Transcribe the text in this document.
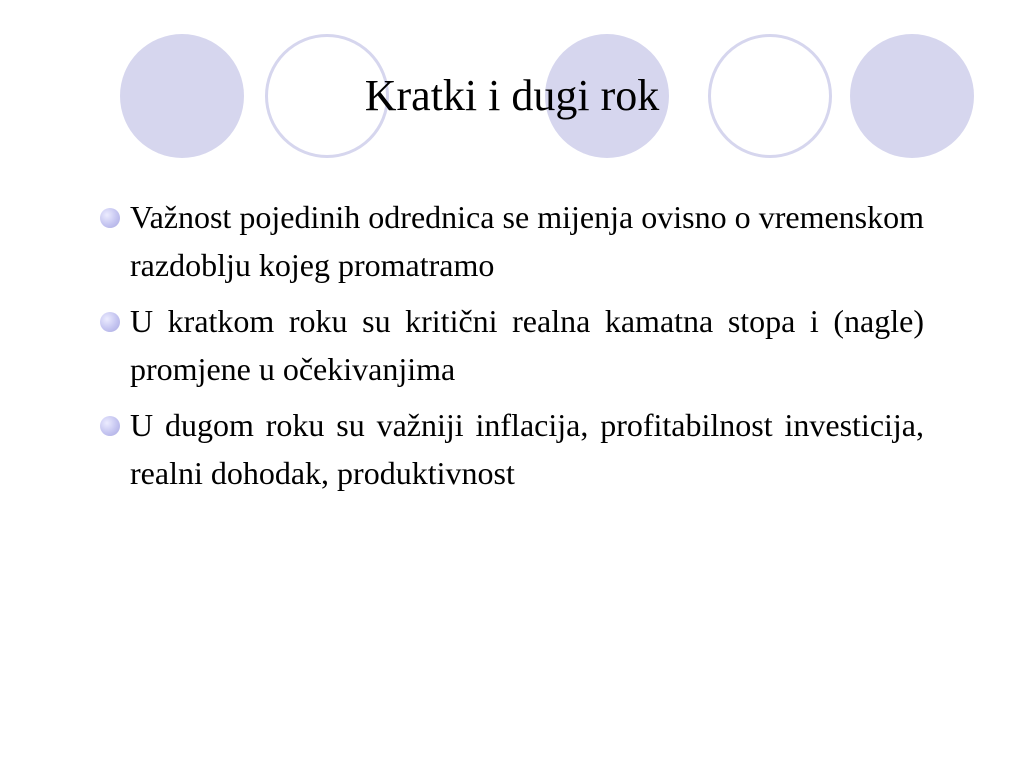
Kratki i dugi rok
Važnost pojedinih odrednica se mijenja ovisno o vremenskom razdoblju kojeg promatramo
U kratkom roku su kritični realna kamatna stopa i (nagle) promjene u očekivanjima
U dugom roku su važniji inflacija, profitabilnost investicija, realni dohodak, produktivnost
